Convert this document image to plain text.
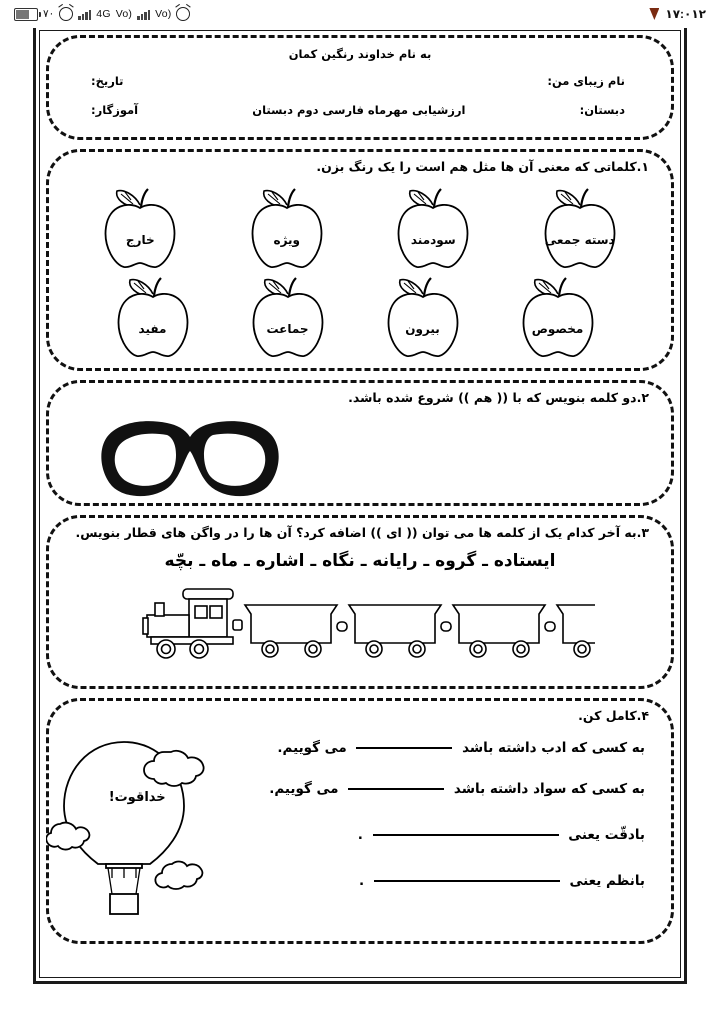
۷۰	4G Vo) Vo)	۱۷:۰۱۲
به نام خداوند رنگین کمان
نام زیبای من:
تاریخ:
دبستان:
ارزشیابی مهرماه فارسی دوم دبستان
آموزگار:
۱.کلماتی که معنی آن ها مثل هم است را یک رنگ بزن.
دسته جمعی
سودمند
ویژه
خارج
مخصوص
بیرون
جماعت
مفید
۲.دو کلمه بنویس که با (( هم )) شروع شده باشد.
۳.به آخر کدام یک از کلمه ها می توان (( ای )) اضافه کرد؟ آن ها را در واگن های قطار بنویس.
ایستاده ـ گروه ـ رایانه ـ نگاه ـ اشاره ـ ماه ـ بچّه
۴.کامل کن.
به کسی که ادب داشته باشد  می گوییم.
به کسی که سواد داشته باشد  می گوییم.
بادقّت یعنی  .
بانظم یعنی  .
خداقوت!
